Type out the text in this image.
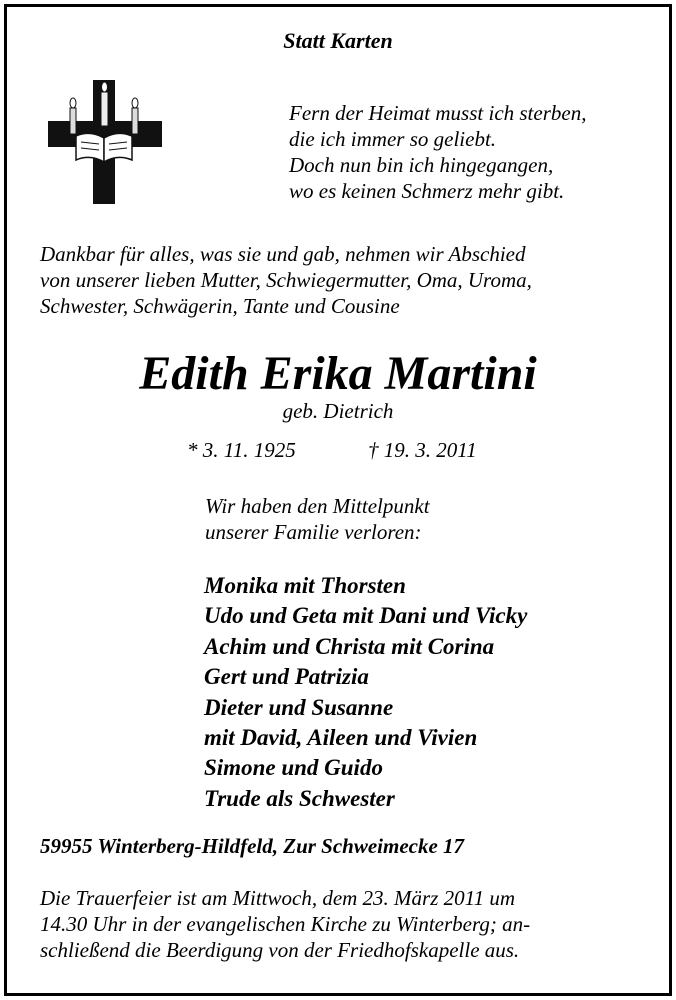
Statt Karten
Fern der Heimat musst ich sterben,
die ich immer so geliebt.
Doch nun bin ich hingegangen,
wo es keinen Schmerz mehr gibt.
Dankbar für alles, was sie und gab, nehmen wir Abschied
von unserer lieben Mutter, Schwiegermutter, Oma, Uroma,
Schwester, Schwägerin, Tante und Cousine
Edith Erika Martini
geb. Dietrich
* 3. 11. 1925	† 19. 3. 2011
Wir haben den Mittelpunkt
unserer Familie verloren:
Monika mit Thorsten
Udo und Geta mit Dani und Vicky
Achim und Christa mit Corina
Gert und Patrizia
Dieter und Susanne
mit David, Aileen und Vivien
Simone und Guido
Trude als Schwester
59955 Winterberg-Hildfeld, Zur Schweimecke 17
Die Trauerfeier ist am Mittwoch, dem 23. März 2011 um
14.30 Uhr in der evangelischen Kirche zu Winterberg; an-
schließend die Beerdigung von der Friedhofskapelle aus.
